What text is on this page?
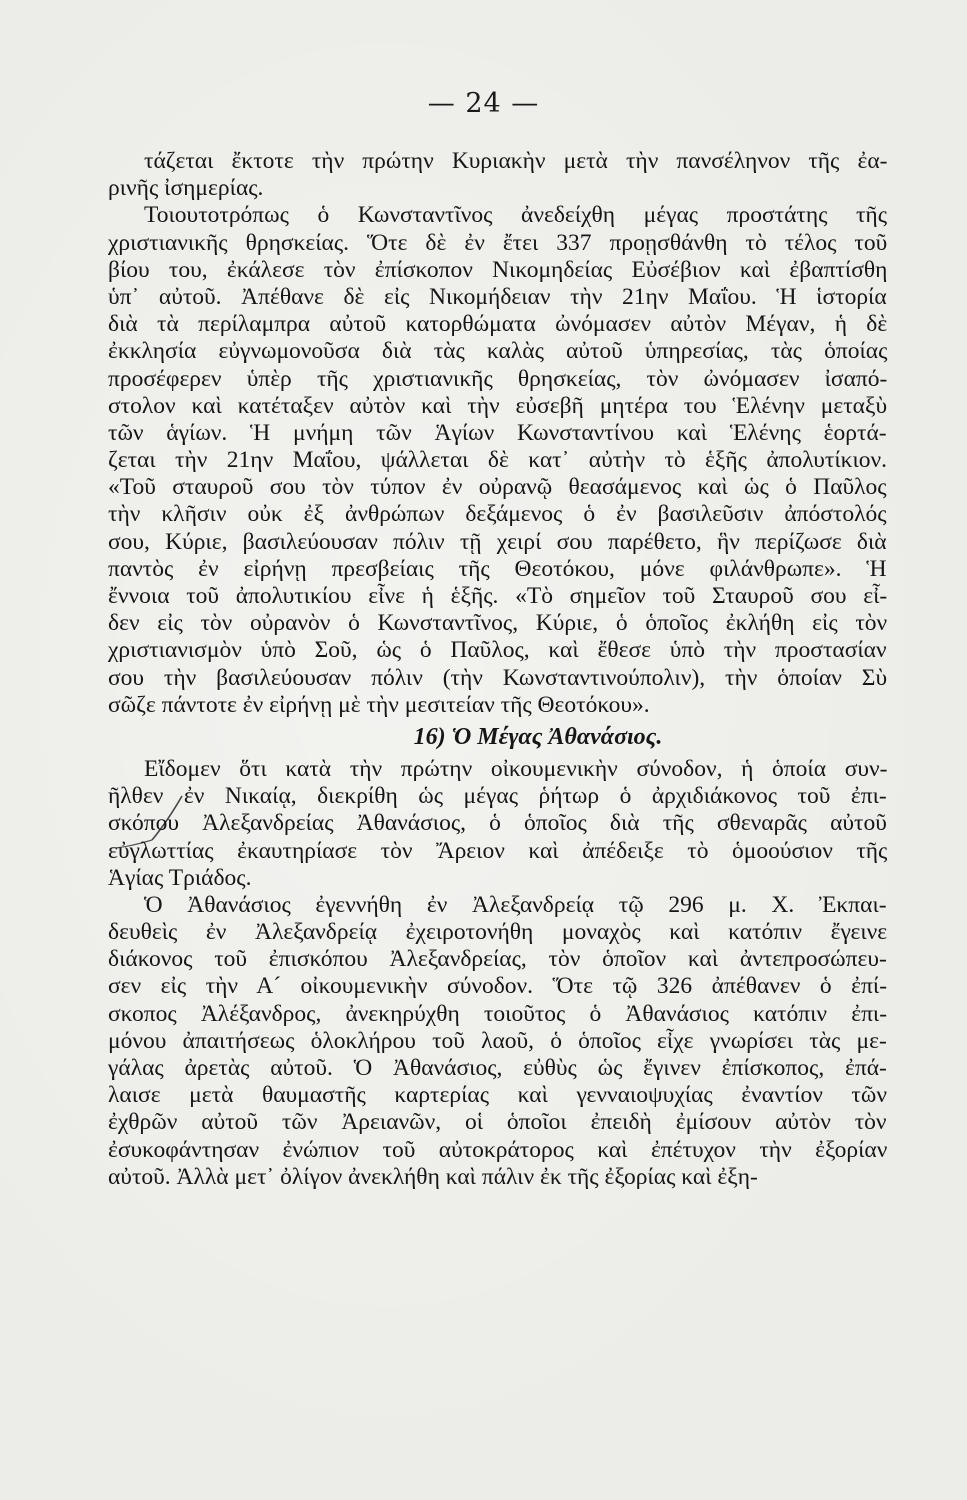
— 24 —
τάζεται ἔκτοτε τὴν πρώτην Κυριακὴν μετὰ τὴν πανσέληνον τῆς ἐα-
ρινῆς ἰσημερίας.
Τοιουτοτρόπως ὁ Κωνσταντῖνος ἀνεδείχθη μέγας προστάτης τῆς
χριστιανικῆς θρησκείας. Ὅτε δὲ ἐν ἔτει 337 προῃσθάνθη τὸ τέλος τοῦ
βίου του, ἐκάλεσε τὸν ἐπίσκοπον Νικομηδείας Εὐσέβιον καὶ ἐβαπτίσθη
ὑπ᾽ αὐτοῦ. Ἀπέθανε δὲ εἰς Νικομήδειαν τὴν 21ην Μαΐου. Ἡ ἱστορία
διὰ τὰ περίλαμπρα αὐτοῦ κατορθώματα ὠνόμασεν αὐτὸν Μέγαν, ἡ δὲ
ἐκκλησία εὐγνωμονοῦσα διὰ τὰς καλὰς αὐτοῦ ὑπηρεσίας, τὰς ὁποίας
προσέφερεν ὑπὲρ τῆς χριστιανικῆς θρησκείας, τὸν ὠνόμασεν ἰσαπό-
στολον καὶ κατέταξεν αὐτὸν καὶ τὴν εὐσεβῆ μητέρα του Ἑλένην μεταξὺ
τῶν ἁγίων. Ἡ μνήμη τῶν Ἁγίων Κωνσταντίνου καὶ Ἑλένης ἑορτά-
ζεται τὴν 21ην Μαΐου, ψάλλεται δὲ κατ᾽ αὐτὴν τὸ ἑξῆς ἀπολυτίκιον.
«Τοῦ σταυροῦ σου τὸν τύπον ἐν οὐρανῷ θεασάμενος καὶ ὡς ὁ Παῦλος
τὴν κλῆσιν οὐκ ἐξ ἀνθρώπων δεξάμενος ὁ ἐν βασιλεῦσιν ἀπόστολός
σου, Κύριε, βασιλεύουσαν πόλιν τῇ χειρί σου παρέθετο, ἣν περίζωσε διὰ
παντὸς ἐν εἰρήνῃ πρεσβείαις τῆς Θεοτόκου, μόνε φιλάνθρωπε». Ἡ
ἔννοια τοῦ ἀπολυτικίου εἶνε ἡ ἑξῆς. «Τὸ σημεῖον τοῦ Σταυροῦ σου εἶ-
δεν εἰς τὸν οὐρανὸν ὁ Κωνσταντῖνος, Κύριε, ὁ ὁποῖος ἐκλήθη εἰς τὸν
χριστιανισμὸν ὑπὸ Σοῦ, ὡς ὁ Παῦλος, καὶ ἔθεσε ὑπὸ τὴν προστασίαν
σου τὴν βασιλεύουσαν πόλιν (τὴν Κωνσταντινούπολιν), τὴν ὁποίαν Σὺ
σῶζε πάντοτε ἐν εἰρήνῃ μὲ τὴν μεσιτείαν τῆς Θεοτόκου».
16) Ὁ Μέγας Ἀθανάσιος.
Εἴδομεν ὅτι κατὰ τὴν πρώτην οἰκουμενικὴν σύνοδον, ἡ ὁποία συν-
ῆλθεν ἐν Νικαίᾳ, διεκρίθη ὡς μέγας ῥήτωρ ὁ ἀρχιδιάκονος τοῦ ἐπι-
σκόπου Ἀλεξανδρείας Ἀθανάσιος, ὁ ὁποῖος διὰ τῆς σθεναρᾶς αὐτοῦ
εὐγλωττίας ἐκαυτηρίασε τὸν Ἄρειον καὶ ἀπέδειξε τὸ ὁμοούσιον τῆς
Ἁγίας Τριάδος.
Ὁ Ἀθανάσιος ἐγεννήθη ἐν Ἀλεξανδρείᾳ τῷ 296 μ. Χ. Ἐκπαι-
δευθεὶς ἐν Ἀλεξανδρείᾳ ἐχειροτονήθη μοναχὸς καὶ κατόπιν ἔγεινε
διάκονος τοῦ ἐπισκόπου Ἀλεξανδρείας, τὸν ὁποῖον καὶ ἀντεπροσώπευ-
σεν εἰς τὴν Α´ οἰκουμενικὴν σύνοδον. Ὅτε τῷ 326 ἀπέθανεν ὁ ἐπί-
σκοπος Ἀλέξανδρος, ἀνεκηρύχθη τοιοῦτος ὁ Ἀθανάσιος κατόπιν ἐπι-
μόνου ἀπαιτήσεως ὁλοκλήρου τοῦ λαοῦ, ὁ ὁποῖος εἶχε γνωρίσει τὰς με-
γάλας ἀρετὰς αὐτοῦ. Ὁ Ἀθανάσιος, εὐθὺς ὡς ἔγινεν ἐπίσκοπος, ἐπά-
λαισε μετὰ θαυμαστῆς καρτερίας καὶ γενναιοψυχίας ἐναντίον τῶν
ἐχθρῶν αὐτοῦ τῶν Ἀρειανῶν, οἱ ὁποῖοι ἐπειδὴ ἐμίσουν αὐτὸν τὸν
ἐσυκοφάντησαν ἐνώπιον τοῦ αὐτοκράτορος καὶ ἐπέτυχον τὴν ἐξορίαν
αὐτοῦ. Ἀλλὰ μετ᾽ ὀλίγον ἀνεκλήθη καὶ πάλιν ἐκ τῆς ἐξορίας καὶ ἐξη-
